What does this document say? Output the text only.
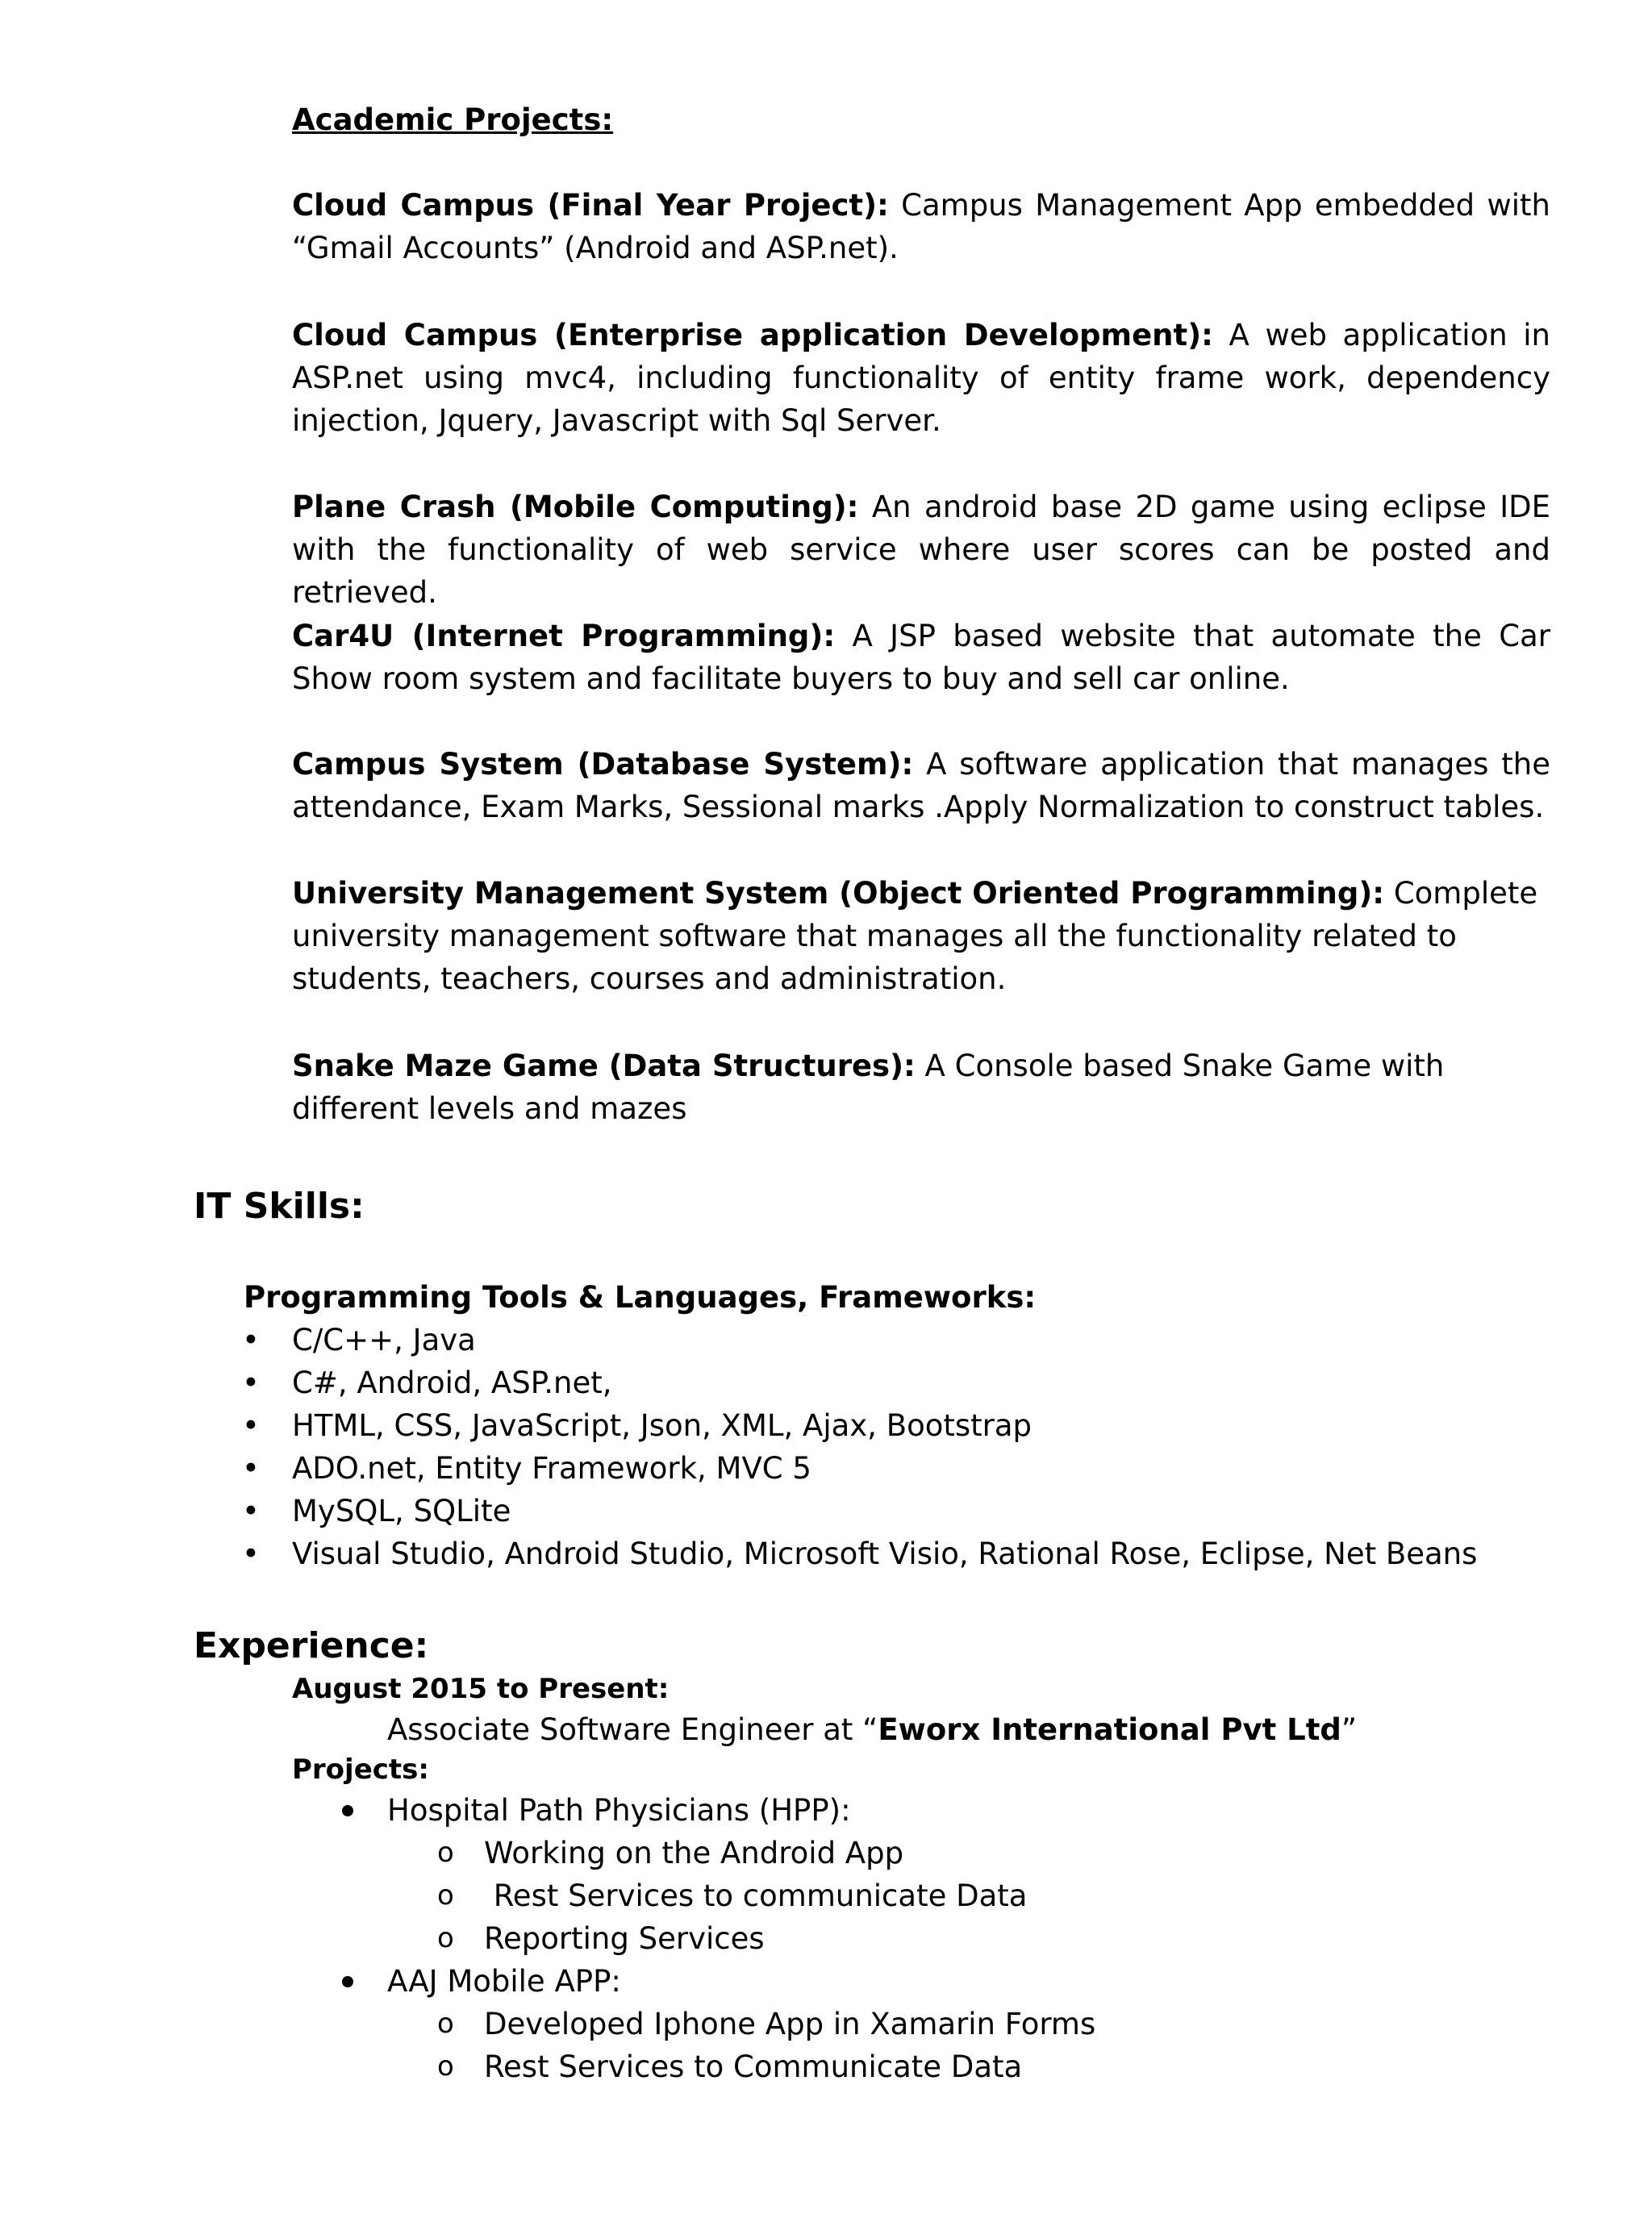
Academic Projects:
Cloud Campus (Final Year Project): Campus Management App embedded with “Gmail Accounts” (Android and ASP.net).
Cloud Campus (Enterprise application Development): A web application in ASP.net using mvc4, including functionality of entity frame work, dependency injection, Jquery, Javascript with Sql Server.
Plane Crash (Mobile Computing): An android base 2D game using eclipse IDE with the functionality of web service where user scores can be posted and retrieved.
Car4U (Internet Programming): A JSP based website that automate the Car Show room system and facilitate buyers to buy and sell car online.
Campus System (Database System): A software application that manages the attendance, Exam Marks, Sessional marks .Apply Normalization to construct tables.
University Management System (Object Oriented Programming): Complete university management software that manages all the functionality related to students, teachers, courses and administration.
Snake Maze Game (Data Structures): A Console based Snake Game with different levels and mazes
IT Skills:
Programming Tools & Languages, Frameworks:
• C/C++, Java
• C#, Android, ASP.net,
• HTML, CSS, JavaScript, Json, XML, Ajax, Bootstrap
• ADO.net, Entity Framework, MVC 5
• MySQL, SQLite
• Visual Studio, Android Studio, Microsoft Visio, Rational Rose, Eclipse, Net Beans
Experience:
August 2015 to Present:
Associate Software Engineer at “Eworx International Pvt Ltd”
Projects:
Hospital Path Physicians (HPP):
o Working on the Android App
o Rest Services to communicate Data
o Reporting Services
AAJ Mobile APP:
o Developed Iphone App in Xamarin Forms
o Rest Services to Communicate Data
